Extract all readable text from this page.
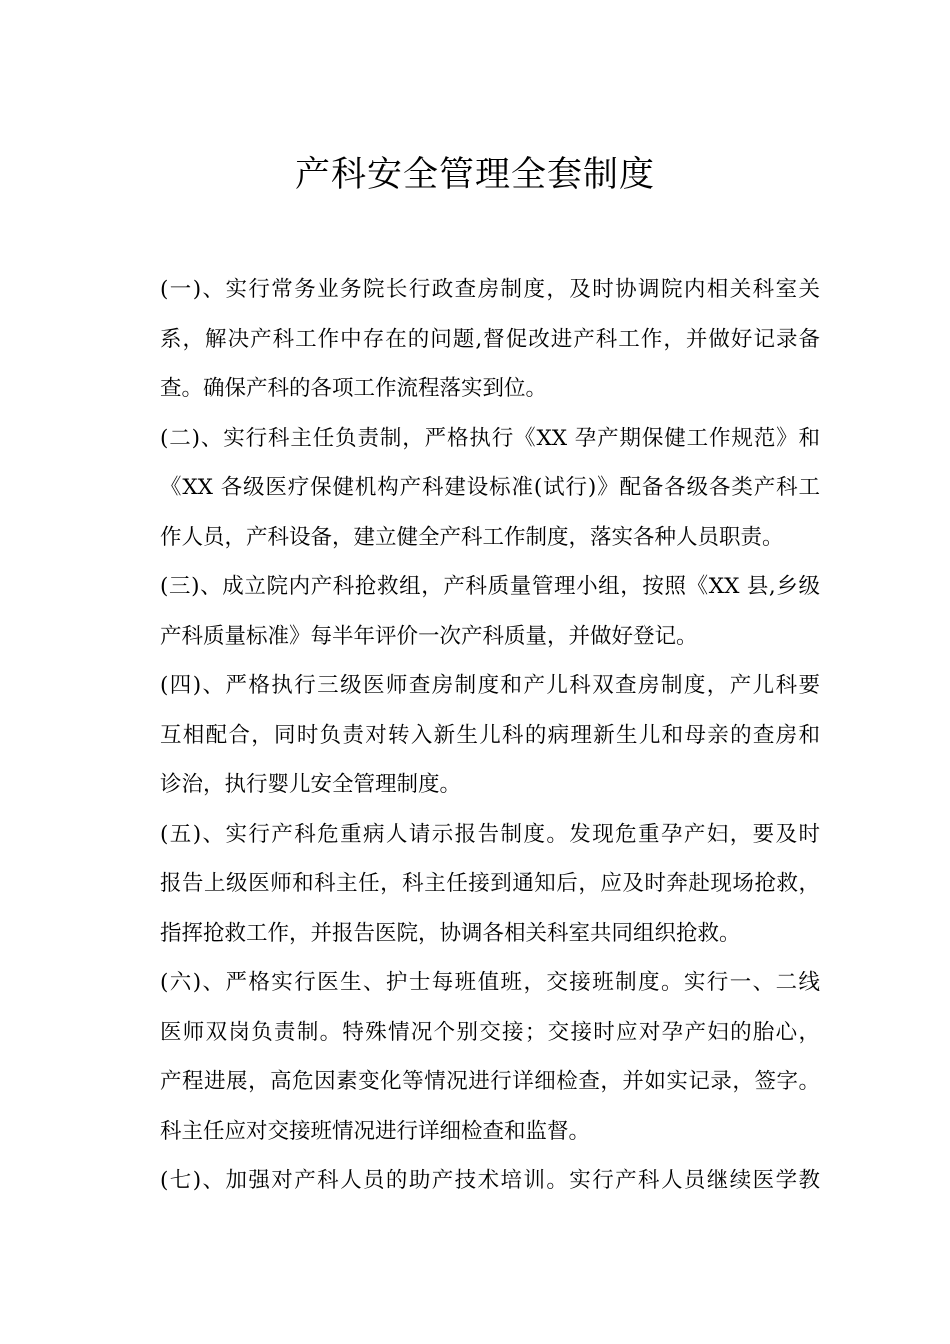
产科安全管理全套制度

(一)、实行常务业务院长行政查房制度，及时协调院内相关科室关
系，解决产科工作中存在的问题,督促改进产科工作，并做好记录备
查。确保产科的各项工作流程落实到位。

(二)、实行科主任负责制，严格执行《XX 孕产期保健工作规范》和
《XX 各级医疗保健机构产科建设标准(试行)》配备各级各类产科工
作人员，产科设备，建立健全产科工作制度，落实各种人员职责。

(三)、成立院内产科抢救组，产科质量管理小组，按照《XX 县,乡级
产科质量标准》每半年评价一次产科质量，并做好登记。

(四)、严格执行三级医师查房制度和产儿科双查房制度，产儿科要
互相配合，同时负责对转入新生儿科的病理新生儿和母亲的查房和
诊治，执行婴儿安全管理制度。

(五)、实行产科危重病人请示报告制度。发现危重孕产妇，要及时
报告上级医师和科主任，科主任接到通知后，应及时奔赴现场抢救，
指挥抢救工作，并报告医院，协调各相关科室共同组织抢救。

(六)、严格实行医生、护士每班值班，交接班制度。实行一、二线
医师双岗负责制。特殊情况个别交接；交接时应对孕产妇的胎心，
产程进展，高危因素变化等情况进行详细检查，并如实记录，签字。
科主任应对交接班情况进行详细检查和监督。

(七)、加强对产科人员的助产技术培训。实行产科人员继续医学教
